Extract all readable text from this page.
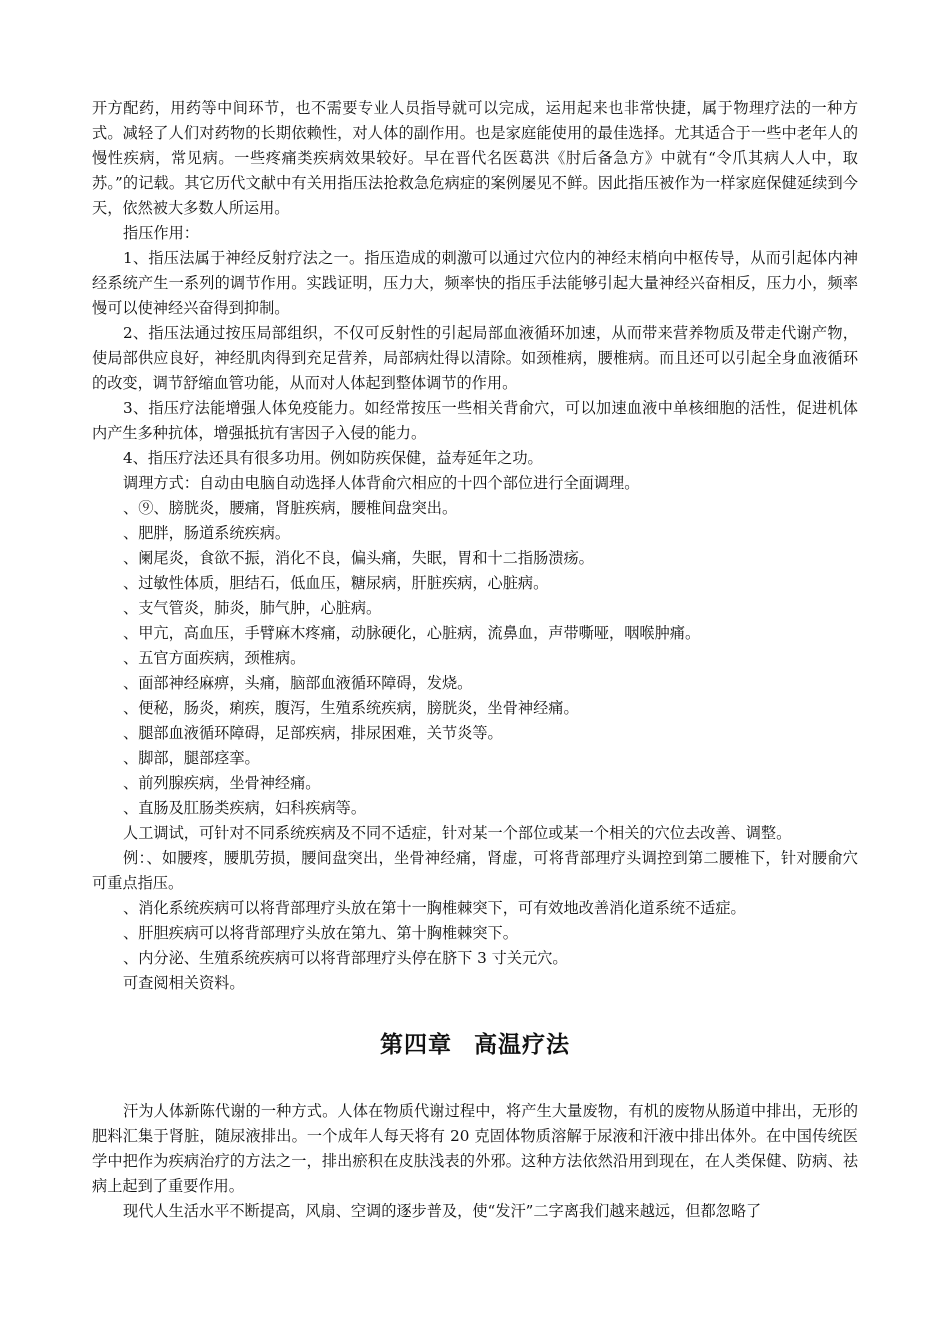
开方配药，用药等中间环节，也不需要专业人员指导就可以完成，运用起来也非常快捷，属于物理疗法的一种方式。减轻了人们对药物的长期依赖性，对人体的副作用。也是家庭能使用的最佳选择。尤其适合于一些中老年人的慢性疾病，常见病。一些疼痛类疾病效果较好。早在晋代名医葛洪《肘后备急方》中就有“令爪其病人人中，取苏。”的记载。其它历代文献中有关用指压法抢救急危病症的案例屡见不鲜。因此指压被作为一样家庭保健延续到今天，依然被大多数人所运用。

指压作用：

1、指压法属于神经反射疗法之一。指压造成的刺激可以通过穴位内的神经末梢向中枢传导，从而引起体内神经系统产生一系列的调节作用。实践证明，压力大，频率快的指压手法能够引起大量神经兴奋相反，压力小，频率慢可以使神经兴奋得到抑制。

2、指压法通过按压局部组织，不仅可反射性的引起局部血液循环加速，从而带来营养物质及带走代谢产物，使局部供应良好，神经肌肉得到充足营养，局部病灶得以清除。如颈椎病，腰椎病。而且还可以引起全身血液循环的改变，调节舒缩血管功能，从而对人体起到整体调节的作用。

3、指压疗法能增强人体免疫能力。如经常按压一些相关背俞穴，可以加速血液中单核细胞的活性，促进机体内产生多种抗体，增强抵抗有害因子入侵的能力。

4、指压疗法还具有很多功用。例如防疾保健，益寿延年之功。

调理方式：自动由电脑自动选择人体背俞穴相应的十四个部位进行全面调理。

、⑨、膀胱炎，腰痛，肾脏疾病，腰椎间盘突出。

、肥胖，肠道系统疾病。

、阑尾炎，食欲不振，消化不良，偏头痛，失眠，胃和十二指肠溃疡。

、过敏性体质，胆结石，低血压，糖尿病，肝脏疾病，心脏病。

、支气管炎，肺炎，肺气肿，心脏病。

、甲亢，高血压，手臂麻木疼痛，动脉硬化，心脏病，流鼻血，声带嘶哑，咽喉肿痛。

、五官方面疾病，颈椎病。

、面部神经麻痹，头痛，脑部血液循环障碍，发烧。

、便秘，肠炎，痢疾，腹泻，生殖系统疾病，膀胱炎，坐骨神经痛。

、腿部血液循环障碍，足部疾病，排尿困难，关节炎等。

、脚部，腿部痉挛。

、前列腺疾病，坐骨神经痛。

、直肠及肛肠类疾病，妇科疾病等。

人工调试，可针对不同系统疾病及不同不适症，针对某一个部位或某一个相关的穴位去改善、调整。

例：、如腰疼，腰肌劳损，腰间盘突出，坐骨神经痛，肾虚，可将背部理疗头调控到第二腰椎下，针对腰俞穴可重点指压。

、消化系统疾病可以将背部理疗头放在第十一胸椎棘突下，可有效地改善消化道系统不适症。

、肝胆疾病可以将背部理疗头放在第九、第十胸椎棘突下。

、内分泌、生殖系统疾病可以将背部理疗头停在脐下 3 寸关元穴。

可查阅相关资料。

第四章 高温疗法

汗为人体新陈代谢的一种方式。人体在物质代谢过程中，将产生大量废物，有机的废物从肠道中排出，无形的肥料汇集于肾脏，随尿液排出。一个成年人每天将有 20 克固体物质溶解于尿液和汗液中排出体外。在中国传统医学中把作为疾病治疗的方法之一，排出瘀积在皮肤浅表的外邪。这种方法依然沿用到现在，在人类保健、防病、祛病上起到了重要作用。

现代人生活水平不断提高，风扇、空调的逐步普及，使“发汗”二字离我们越来越远，但都忽略了
